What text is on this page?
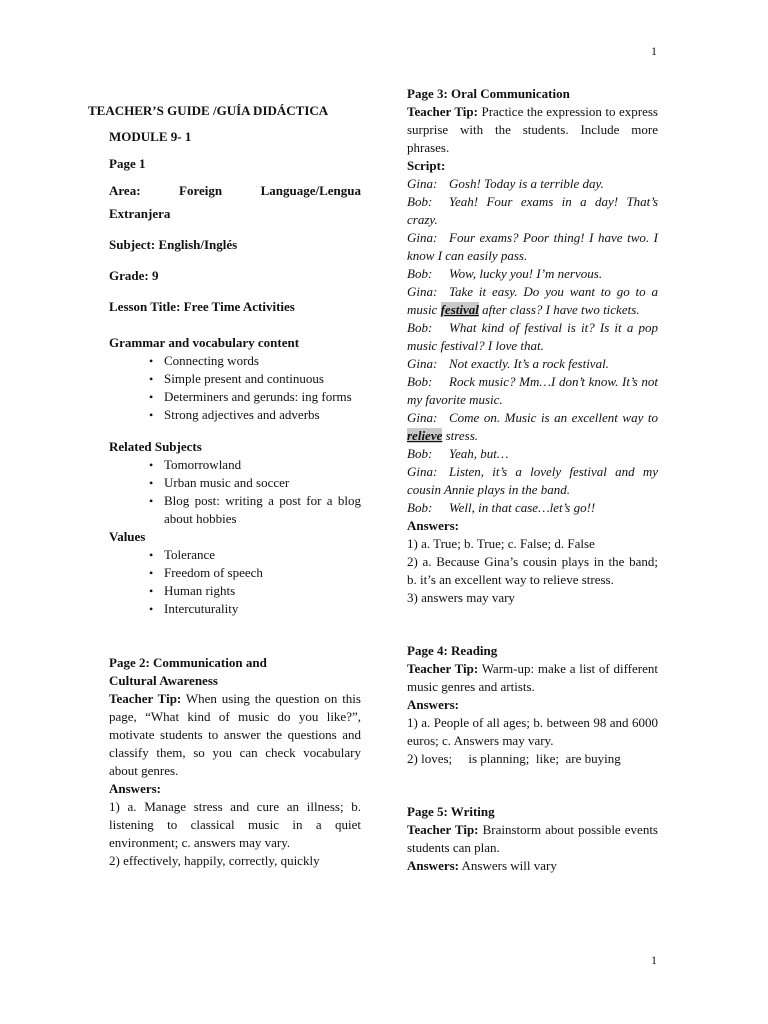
1
TEACHER’S GUIDE /GUÍA DIDÁCTICA
MODULE 9- 1
Page 1
Area:	Foreign	Language/Lengua
Extranjera
Subject: English/Inglés
Grade: 9
Lesson Title: Free Time Activities
Grammar and vocabulary content
• Connecting words
• Simple present and continuous
• Determiners and gerunds: ing forms
• Strong adjectives and adverbs
Related Subjects
• Tomorrowland
• Urban music and soccer
• Blog post: writing a post for a blog about hobbies
Values
• Tolerance
• Freedom of speech
• Human rights
• Intercuturality
Page 2: Communication and
Cultural Awareness
Teacher Tip: When using the question on this page, “What kind of music do you like?”, motivate students to answer the questions and classify them, so you can check vocabulary about genres.
Answers:
1) a. Manage stress and cure an illness; b. listening to classical music in a quiet environment; c. answers may vary.
2) effectively, happily, correctly, quickly
Page 3: Oral Communication
Teacher Tip: Practice the expression to express surprise with the students. Include more phrases.
Script:
Gina: Gosh! Today is a terrible day.
Bob: Yeah! Four exams in a day! That’s crazy.
Gina: Four exams? Poor thing! I have two. I know I can easily pass.
Bob:	Wow, lucky you! I’m nervous.
Gina: Take it easy. Do you want to go to a music festival after class? I have two tickets.
Bob: What kind of festival is it? Is it a pop music festival? I love that.
Gina: Not exactly. It’s a rock festival.
Bob: Rock music? Mm…I don’t know. It’s not my favorite music.
Gina: Come on. Music is an excellent way to relieve stress.
Bob:	Yeah, but…
Gina: Listen, it’s a lovely festival and my cousin Annie plays in the band.
Bob:	Well, in that case…let’s go!!
Answers:
1) a. True; b. True; c. False; d. False
2) a. Because Gina’s cousin plays in the band; b. it’s an excellent way to relieve stress.
3) answers may vary
Page 4: Reading
Teacher Tip: Warm-up: make a list of different music genres and artists.
Answers:
1) a. People of all ages; b. between 98 and 6000 euros; c. Answers may vary.
2) loves;     is planning;  like;  are buying
Page 5: Writing
Teacher Tip: Brainstorm about possible events students can plan.
Answers: Answers will vary
1
